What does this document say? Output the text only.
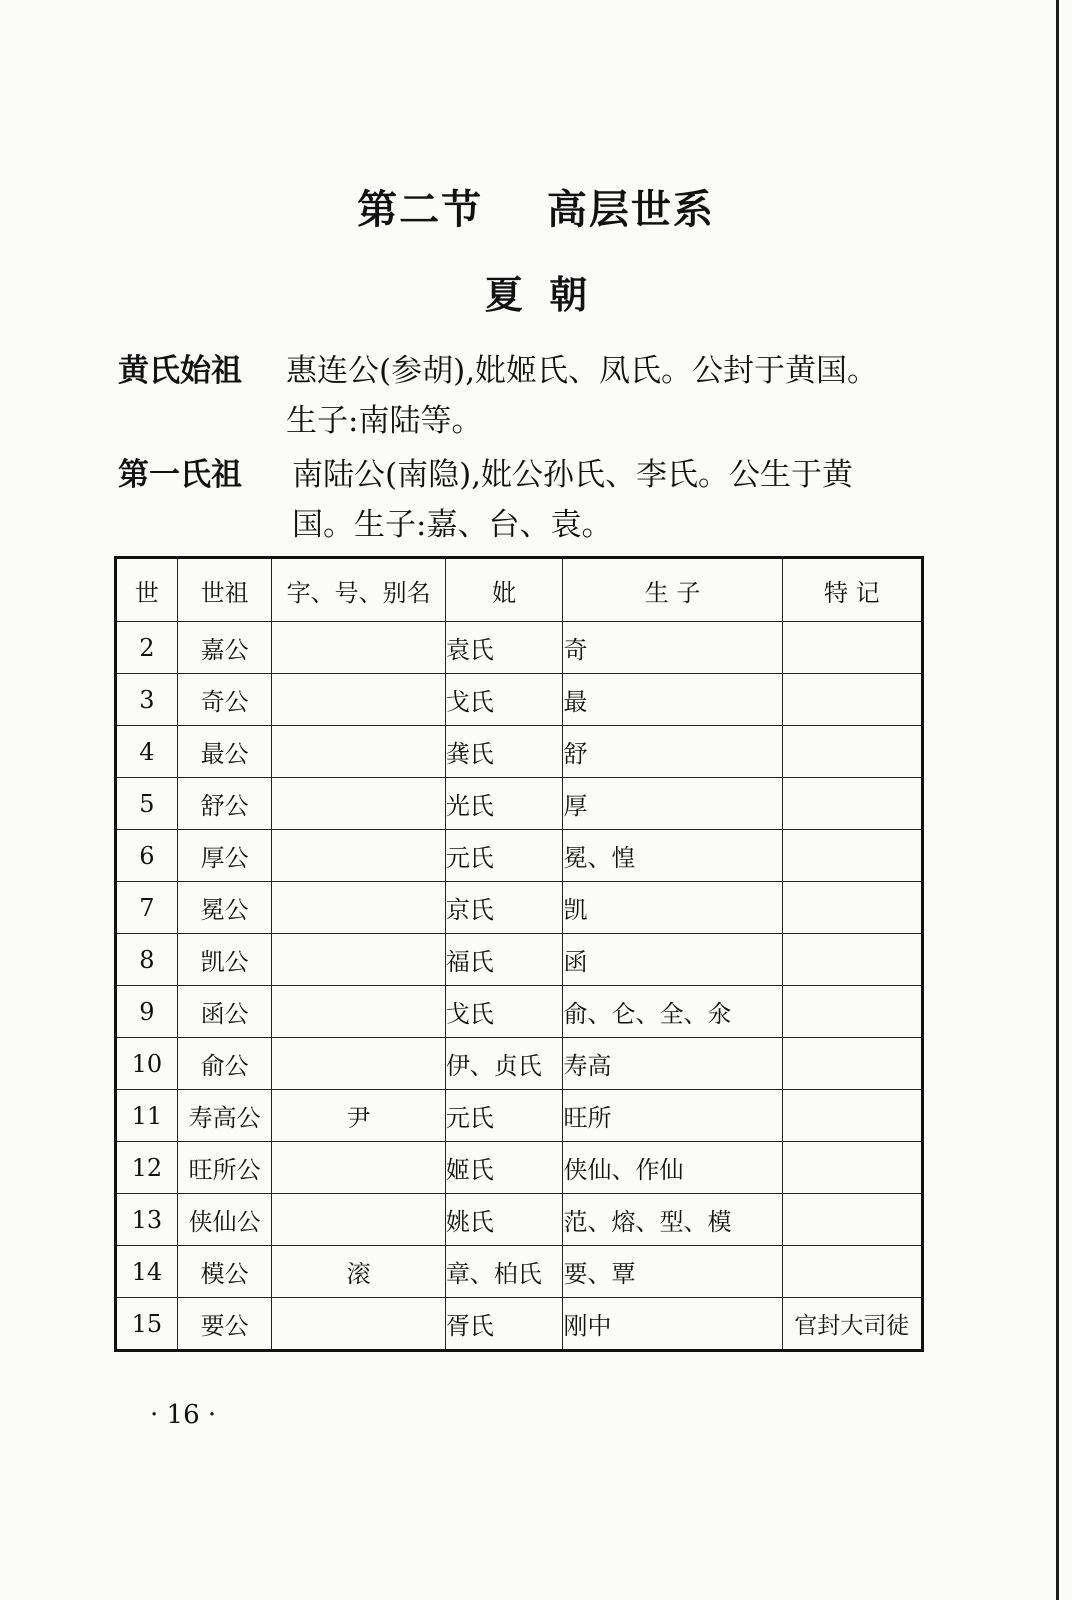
第二节    高层世系
夏  朝
黄氏始祖 惠连公(参胡),妣姬氏、凤氏。公封于黄国。
生子:南陆等。
第一氏祖 南陆公(南隐),妣公孙氏、李氏。公生于黄
国。生子:嘉、台、袁。
世	世祖	字、号、别名	妣	生 子	特 记
2	嘉公		袁氏	奇	
3	奇公		戈氏	最	
4	最公		龚氏	舒	
5	舒公		光氏	厚	
6	厚公		元氏	冕、惶	
7	冕公		京氏	凯	
8	凯公		福氏	函	
9	函公		戈氏	俞、仑、全、氽	
10	俞公		伊、贞氏	寿高	
11	寿高公	尹	元氏	旺所	
12	旺所公		姬氏	侠仙、作仙	
13	侠仙公		姚氏	范、熔、型、模	
14	模公	滚	章、柏氏	要、覃	
15	要公		胥氏	刚中	官封大司徒
· 16 ·
